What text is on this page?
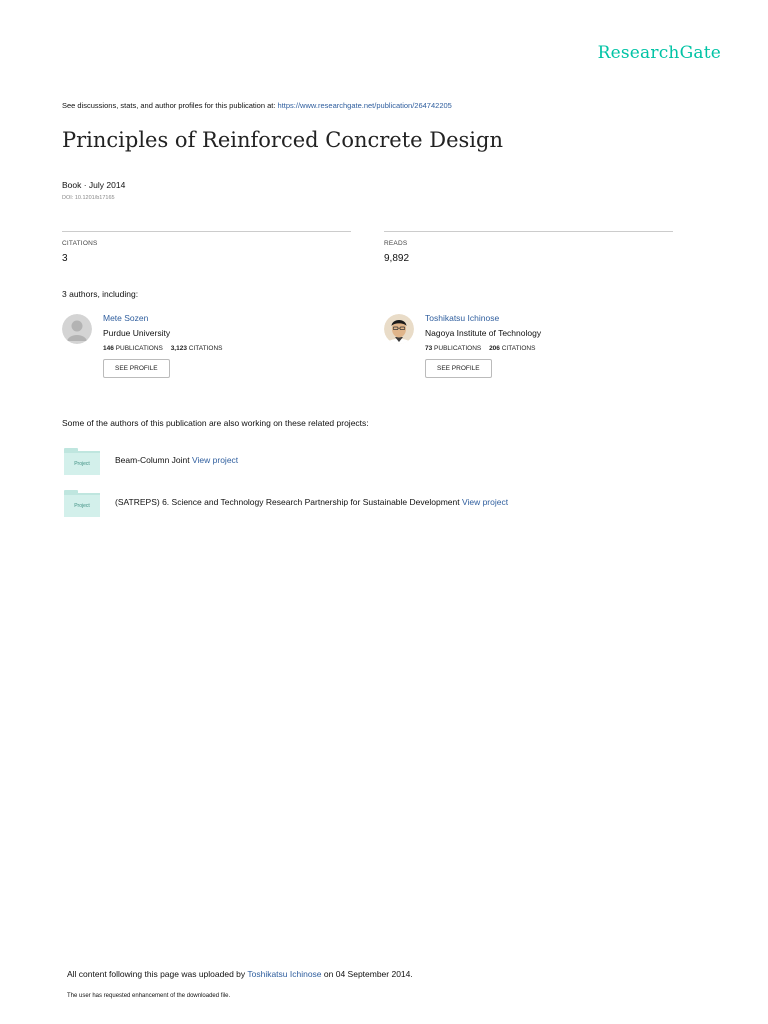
ResearchGate
See discussions, stats, and author profiles for this publication at: https://www.researchgate.net/publication/264742205
Principles of Reinforced Concrete Design
Book · July 2014
DOI: 10.1201/b17165
CITATIONS
3
READS
9,892
3 authors, including:
Mete Sozen
Purdue University
146 PUBLICATIONS 3,123 CITATIONS
SEE PROFILE
Toshikatsu Ichinose
Nagoya Institute of Technology
73 PUBLICATIONS 206 CITATIONS
SEE PROFILE
Some of the authors of this publication are also working on these related projects:
Project	Beam-Column Joint View project
Project	(SATREPS) 6. Science and Technology Research Partnership for Sustainable Development View project
All content following this page was uploaded by Toshikatsu Ichinose on 04 September 2014.
The user has requested enhancement of the downloaded file.
